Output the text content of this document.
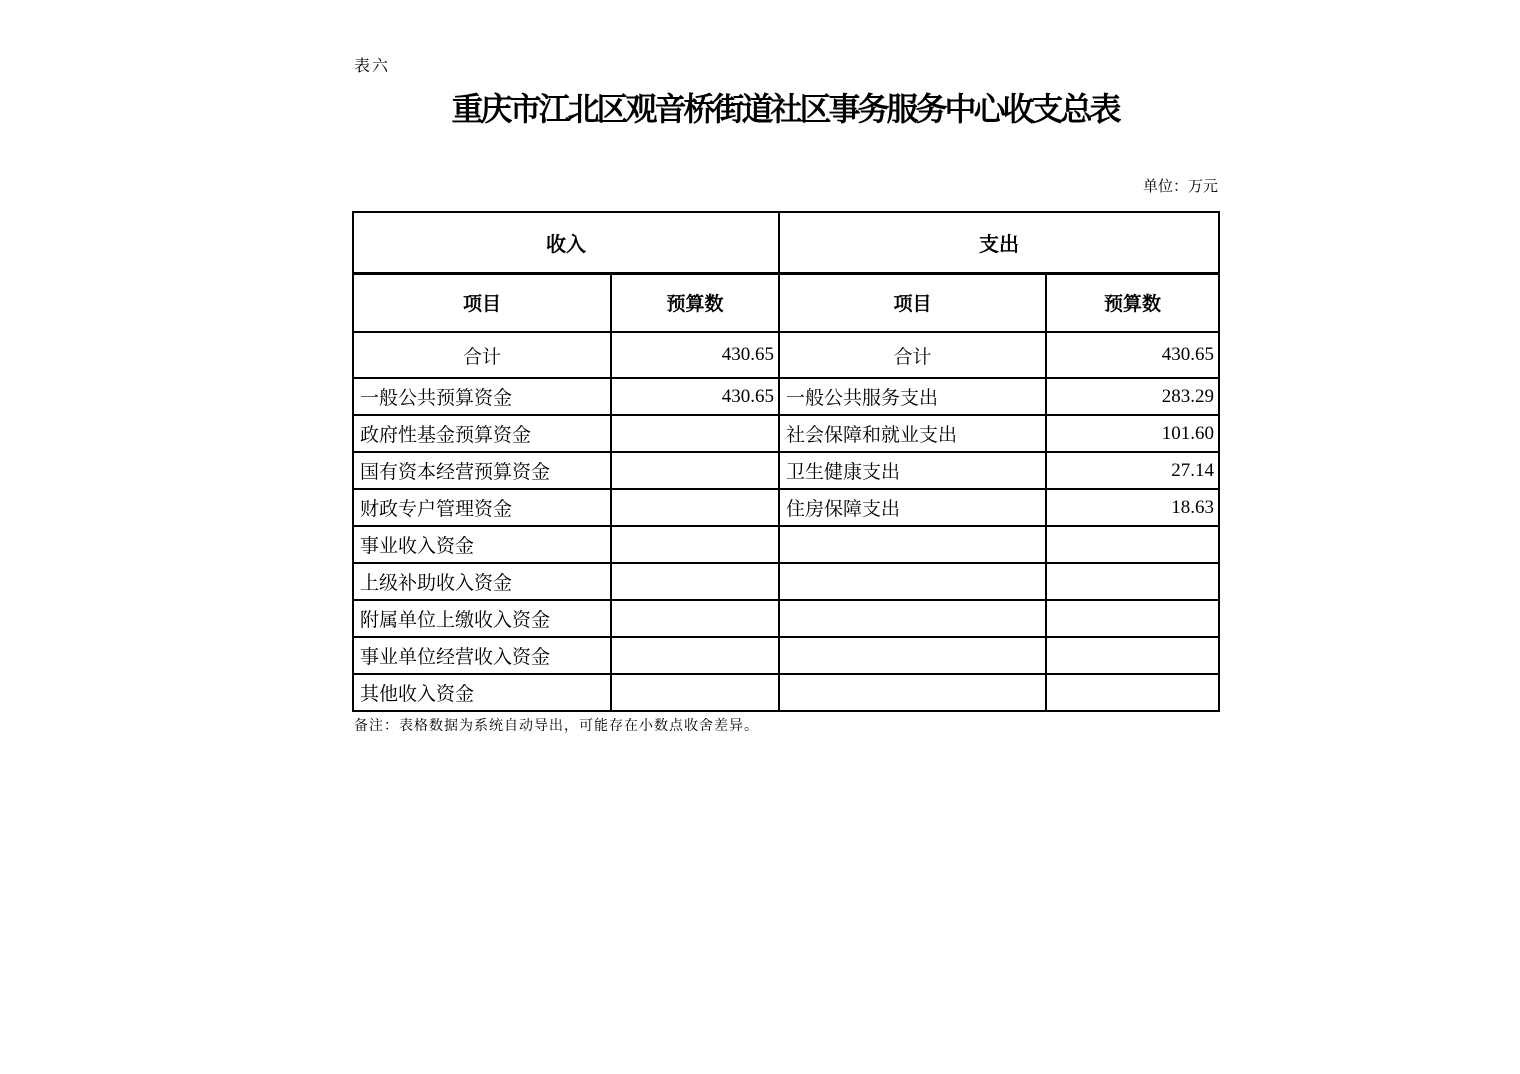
表六
重庆市江北区观音桥街道社区事务服务中心收支总表
单位：万元
收入		支出	
项目	预算数	项目	预算数
合计	430.65	合计	430.65
一般公共预算资金	430.65	一般公共服务支出	283.29
政府性基金预算资金		社会保障和就业支出	101.60
国有资本经营预算资金		卫生健康支出	27.14
财政专户管理资金		住房保障支出	18.63
事业收入资金			
上级补助收入资金			
附属单位上缴收入资金			
事业单位经营收入资金			
其他收入资金			
备注：表格数据为系统自动导出，可能存在小数点收舍差异。
